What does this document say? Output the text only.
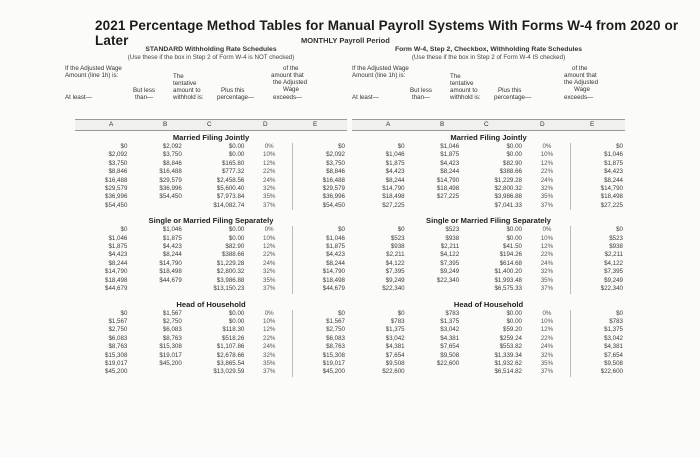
2021 Percentage Method Tables for Manual Payroll Systems With Forms W-4 from 2020 or Later	MONTHLY Payroll Period
STANDARD Withholding Rate Schedules
(Use these if the box in Step 2 of Form W-4 is NOT checked)
If the Adjusted Wage
Amount (line 1h) is:	The
tentative
amount to
withhold is:
But less
than—
At least—
Plus this
percentage—
of the
amount that
the Adjusted
Wage
exceeds—
A	B	C	D	E
Married Filing Jointly
$0	$2,092	$0.00	0%	$0
$2,092	$3,750	$0.00	10%	$2,092
$3,750	$8,846	$165.80	12%	$3,750
$8,846	$16,488	$777.32	22%	$8,846
$16,488	$29,579	$2,458.56	24%	$16,488
$29,579	$36,996	$5,600.40	32%	$29,579
$36,996	$54,450	$7,973.84	35%	$36,996
$54,450		$14,082.74	37%	$54,450
Single or Married Filing Separately
$0	$1,046	$0.00	0%	$0
$1,046	$1,875	$0.00	10%	$1,046
$1,875	$4,423	$82.90	12%	$1,875
$4,423	$8,244	$388.66	22%	$4,423
$8,244	$14,790	$1,229.28	24%	$8,244
$14,790	$18,498	$2,800.32	32%	$14,790
$18,498	$44,679	$3,986.88	35%	$18,498
$44,679		$13,150.23	37%	$44,679
Head of Household
$0	$1,567	$0.00	0%	$0
$1,567	$2,750	$0.00	10%	$1,567
$2,750	$6,083	$118.30	12%	$2,750
$6,083	$8,763	$518.26	22%	$6,083
$8,763	$15,308	$1,107.86	24%	$8,763
$15,308	$19,017	$2,678.66	32%	$15,308
$19,017	$45,200	$3,865.54	35%	$19,017
$45,200		$13,029.59	37%	$45,200
Form W-4, Step 2, Checkbox, Withholding Rate Schedules
(Use these if the box in Step 2 of Form W-4 IS checked)
If the Adjusted Wage
Amount (line 1h) is:	The
tentative
amount to
withhold is:
But less
than—
At least—
Plus this
percentage—
of the
amount that
the Adjusted
Wage
exceeds—
A	B	C	D	E
Married Filing Jointly
$0	$1,046	$0.00	0%	$0
$1,046	$1,875	$0.00	10%	$1,046
$1,875	$4,423	$82.90	12%	$1,875
$4,423	$8,244	$388.66	22%	$4,423
$8,244	$14,790	$1,229.28	24%	$8,244
$14,790	$18,498	$2,800.32	32%	$14,790
$18,498	$27,225	$3,986.88	35%	$18,498
$27,225		$7,041.33	37%	$27,225
Single or Married Filing Separately
$0	$523	$0.00	0%	$0
$523	$938	$0.00	10%	$523
$938	$2,211	$41.50	12%	$938
$2,211	$4,122	$194.26	22%	$2,211
$4,122	$7,395	$614.68	24%	$4,122
$7,395	$9,249	$1,400.20	32%	$7,395
$9,249	$22,340	$1,993.48	35%	$9,249
$22,340		$6,575.33	37%	$22,340
Head of Household
$0	$783	$0.00	0%	$0
$783	$1,375	$0.00	10%	$783
$1,375	$3,042	$59.20	12%	$1,375
$3,042	$4,381	$259.24	22%	$3,042
$4,381	$7,654	$553.82	24%	$4,381
$7,654	$9,508	$1,339.34	32%	$7,654
$9,508	$22,600	$1,932.62	35%	$9,508
$22,600		$6,514.82	37%	$22,600
